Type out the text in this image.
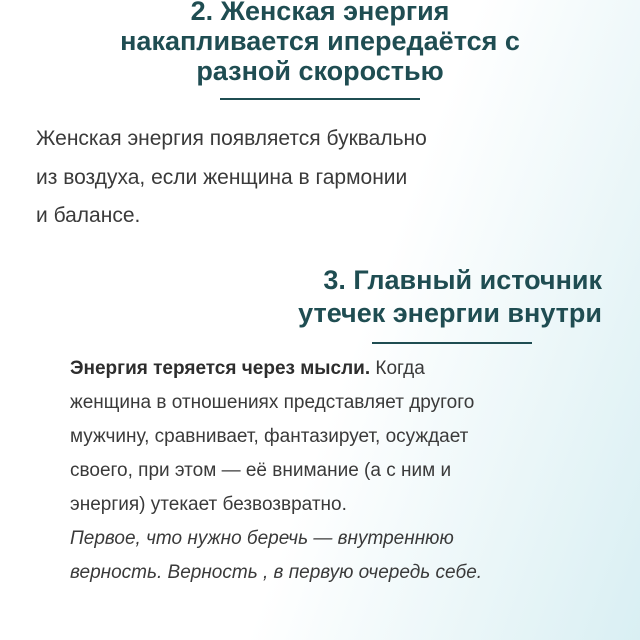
2. Женская энергия
накапливается ипередаётся с
разной скоростью

Женская энергия появляется буквально
из воздуха, если женщина в гармонии
и балансе.

3. Главный источник
утечек энергии внутри

Энергия теряется через мысли. Когда
женщина в отношениях представляет другого
мужчину, сравнивает, фантазирует, осуждает
своего, при этом — её внимание (а с ним и
энергия) утекает безвозвратно.
Первое, что нужно беречь — внутреннюю
верность. Верность , в первую очередь себе.
